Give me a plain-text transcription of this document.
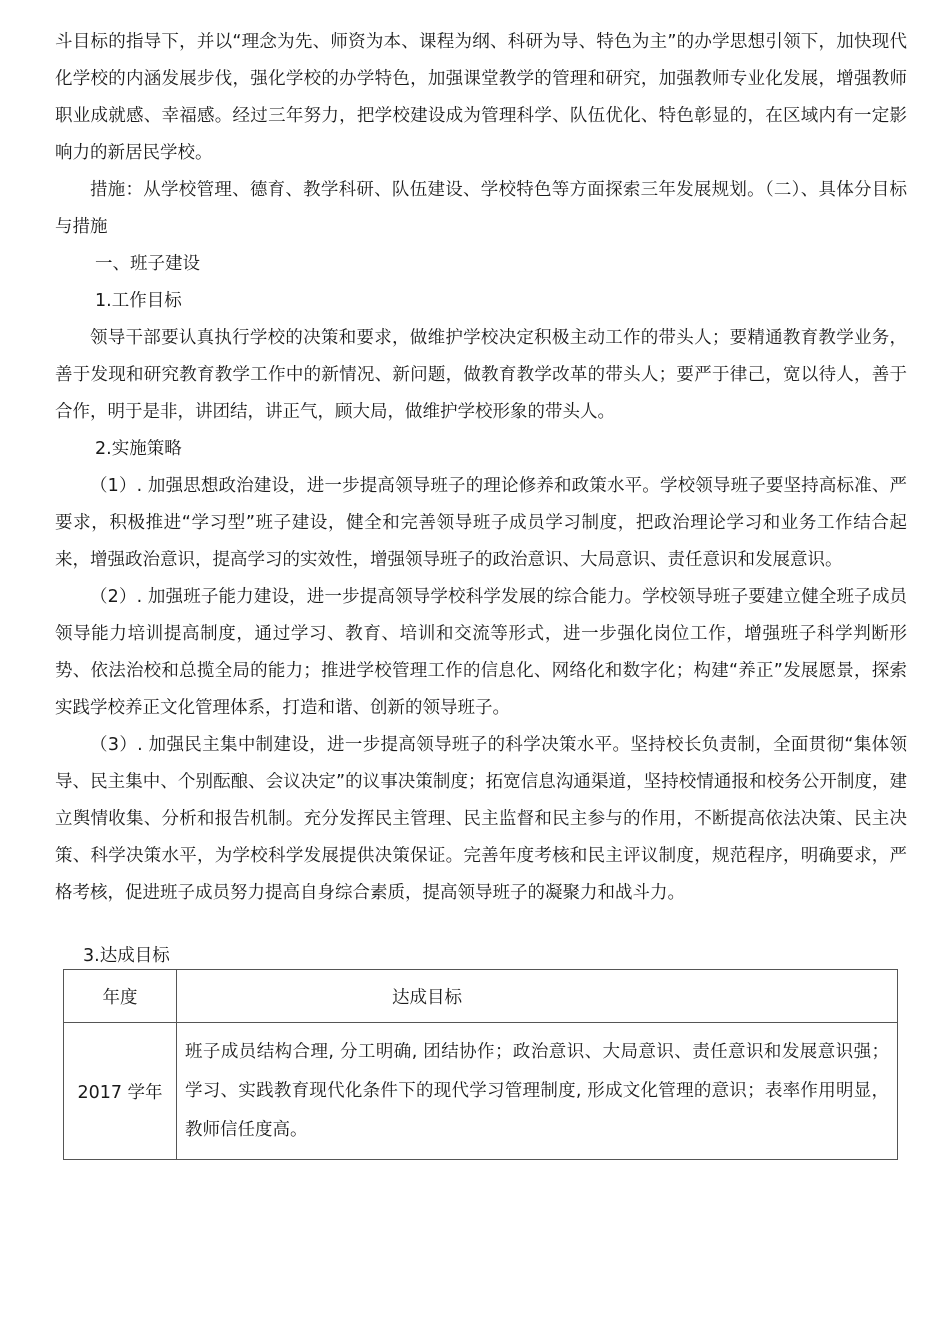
斗目标的指导下，并以“理念为先、师资为本、课程为纲、科研为导、特色为主”的办学思想引领下，加快现代化学校的内涵发展步伐，强化学校的办学特色，加强课堂教学的管理和研究，加强教师专业化发展，增强教师职业成就感、幸福感。经过三年努力，把学校建设成为管理科学、队伍优化、特色彰显的，在区域内有一定影响力的新居民学校。

措施：从学校管理、德育、教学科研、队伍建设、学校特色等方面探索三年发展规划。（二）、具体分目标与措施

一、班子建设

1.工作目标

领导干部要认真执行学校的决策和要求，做维护学校决定积极主动工作的带头人；要精通教育教学业务，善于发现和研究教育教学工作中的新情况、新问题，做教育教学改革的带头人；要严于律己，宽以待人，善于合作，明于是非，讲团结，讲正气，顾大局，做维护学校形象的带头人。

2.实施策略

（1）. 加强思想政治建设，进一步提高领导班子的理论修养和政策水平。学校领导班子要坚持高标准、严要求，积极推进“学习型”班子建设，健全和完善领导班子成员学习制度，把政治理论学习和业务工作结合起来，增强政治意识，提高学习的实效性，增强领导班子的政治意识、大局意识、责任意识和发展意识。

（2）. 加强班子能力建设，进一步提高领导学校科学发展的综合能力。学校领导班子要建立健全班子成员领导能力培训提高制度，通过学习、教育、培训和交流等形式，进一步强化岗位工作，增强班子科学判断形势、依法治校和总揽全局的能力；推进学校管理工作的信息化、网络化和数字化；构建“养正”发展愿景，探索实践学校养正文化管理体系，打造和谐、创新的领导班子。

（3）. 加强民主集中制建设，进一步提高领导班子的科学决策水平。坚持校长负责制，全面贯彻“集体领导、民主集中、个别酝酿、会议决定”的议事决策制度；拓宽信息沟通渠道，坚持校情通报和校务公开制度，建立舆情收集、分析和报告机制。充分发挥民主管理、民主监督和民主参与的作用，不断提高依法决策、民主决策、科学决策水平，为学校科学发展提供决策保证。完善年度考核和民主评议制度，规范程序，明确要求，严格考核，促进班子成员努力提高自身综合素质，提高领导班子的凝聚力和战斗力。

3.达成目标

年度	达成目标
2017 学年	班子成员结构合理, 分工明确, 团结协作；政治意识、大局意识、责任意识和发展意识强；学习、实践教育现代化条件下的现代学习管理制度, 形成文化管理的意识；表率作用明显，教师信任度高。
